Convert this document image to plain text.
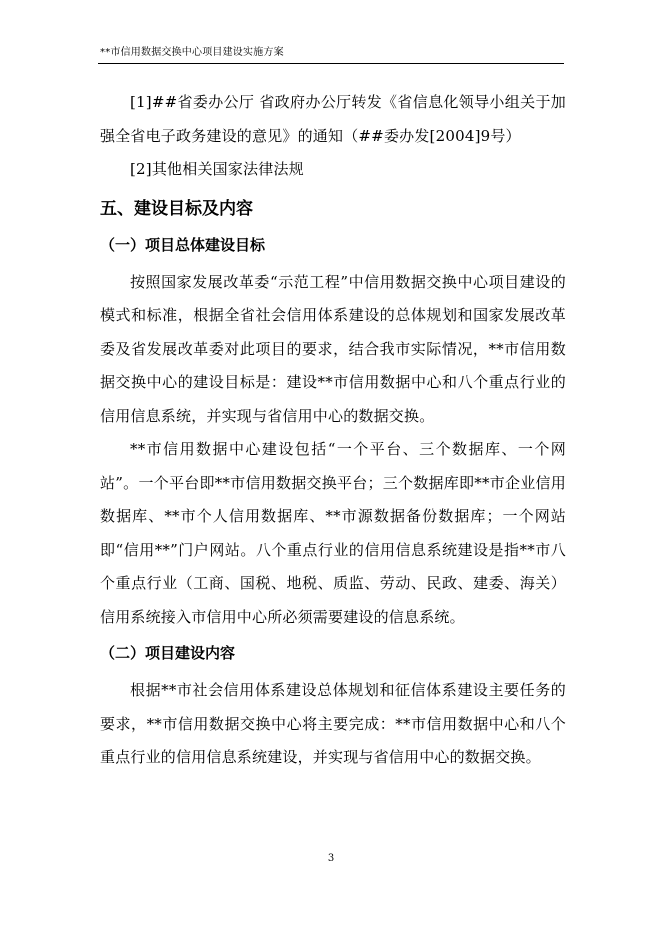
**市信用数据交换中心项目建设实施方案

[1]##省委办公厅 省政府办公厅转发《省信息化领导小组关于加强全省电子政务建设的意见》的通知（##委办发[2004]9号）

[2]其他相关国家法律法规

五、建设目标及内容
（一）项目总体建设目标

按照国家发展改革委“示范工程”中信用数据交换中心项目建设的模式和标准，根据全省社会信用体系建设的总体规划和国家发展改革委及省发展改革委对此项目的要求，结合我市实际情况，**市信用数据交换中心的建设目标是：建设**市信用数据中心和八个重点行业的信用信息系统，并实现与省信用中心的数据交换。

**市信用数据中心建设包括“一个平台、三个数据库、一个网站”。一个平台即**市信用数据交换平台；三个数据库即**市企业信用数据库、**市个人信用数据库、**市源数据备份数据库；一个网站即“信用**”门户网站。八个重点行业的信用信息系统建设是指**市八个重点行业（工商、国税、地税、质监、劳动、民政、建委、海关）信用系统接入市信用中心所必须需要建设的信息系统。

（二）项目建设内容

根据**市社会信用体系建设总体规划和征信体系建设主要任务的要求，**市信用数据交换中心将主要完成：**市信用数据中心和八个重点行业的信用信息系统建设，并实现与省信用中心的数据交换。

3
